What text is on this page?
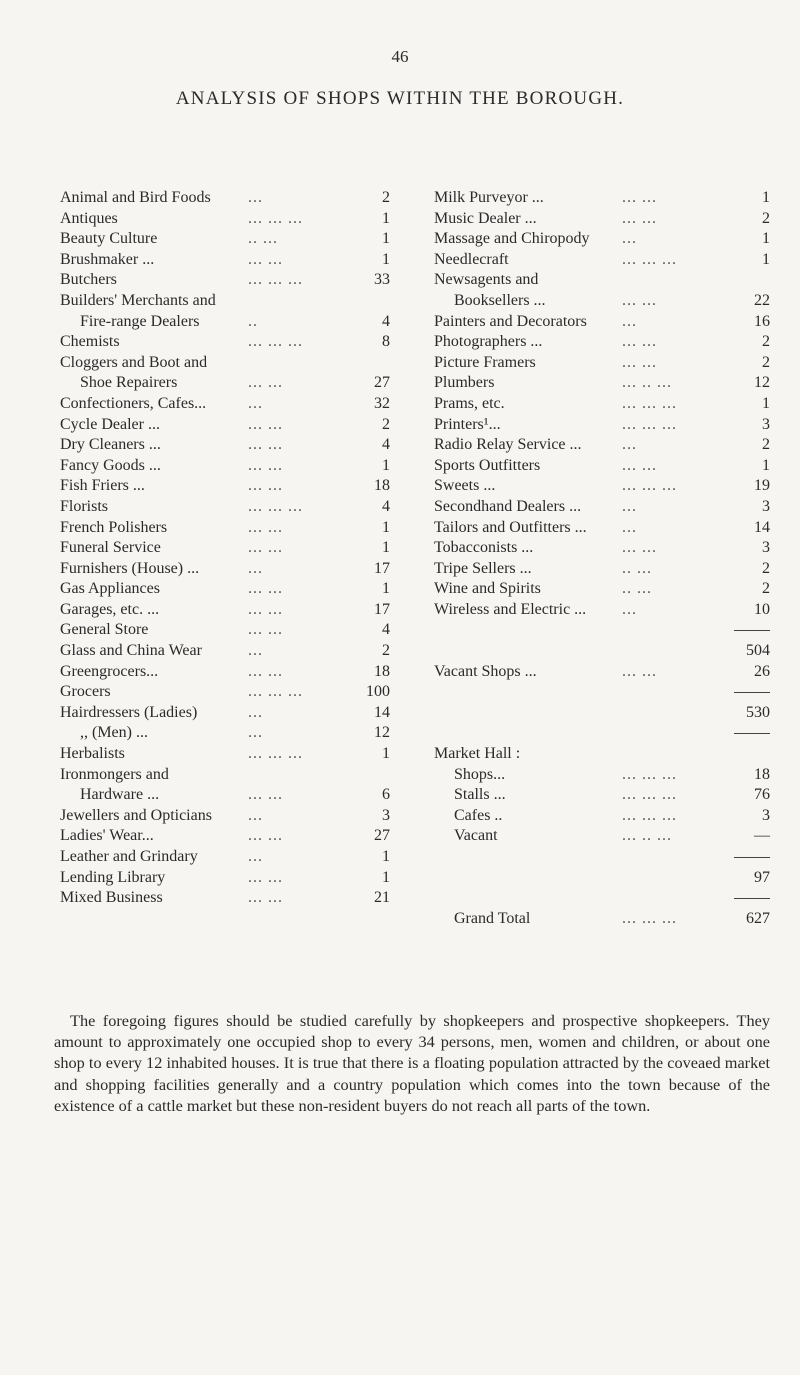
46
ANALYSIS OF SHOPS WITHIN THE BOROUGH.
Animal and Bird Foods ...	2
Antiques	... ... ...	1
Beauty Culture	.. ...	1
Brushmaker ...	... ...	1
Butchers	... ... ...	33
Builders' Merchants and
Fire-range Dealers	..	4
Chemists	... ... ...	8
Cloggers and Boot and
Shoe Repairers	... ...	27
Confectioners, Cafes...	...	32
Cycle Dealer ...	... ...	2
Dry Cleaners ...	... ...	4
Fancy Goods ...	... ...	1
Fish Friers ...	... ...	18
Florists	... ... ...	4
French Polishers	... ...	1
Funeral Service	... ...	1
Furnishers (House) ...	...	17
Gas Appliances	... ...	1
Garages, etc. ...	... ...	17
General Store	... ...	4
Glass and China Wear	...	2
Greengrocers...	... ...	18
Grocers	... ... ...	100
Hairdressers (Ladies)	...	14
,, (Men) ...	...	12
Herbalists	... ... ...	1
Ironmongers and
Hardware ...	... ...	6
Jewellers and Opticians ...	3
Ladies' Wear...	... ...	27
Leather and Grindary	...	1
Lending Library	... ...	1
Mixed Business	... ...	21
Milk Purveyor ...	... ...	1
Music Dealer ...	... ...	2
Massage and Chiropody ...	1
Needlecraft	... ... ...	1
Newsagents and
Booksellers ...	... ...	22
Painters and Decorators ...	16
Photographers ...	... ...	2
Picture Framers	... ...	2
Plumbers	... .. ...	12
Prams, etc.	... ... ...	1
Printers¹...	... ... ...	3
Radio Relay Service ...	...	2
Sports Outfitters	... ...	1
Sweets ...	... ... ...	19
Secondhand Dealers ...	...	3
Tailors and Outfitters ... ...	14
Tobacconists ...	... ...	3
Tripe Sellers ...	.. ...	2
Wine and Spirits	.. ...	2
Wireless and Electric ... ...	10
504
Vacant Shops ...	... ...	26
530
Market Hall :
Shops...	... ... ...	18
Stalls ...	... ... ...	76
Cafes ..	... ... ...	3
Vacant	... .. ...	—
97
Grand Total	... ... ...	627
The foregoing figures should be studied carefully by shopkeepers and prospective shopkeepers. They amount to approximately one occupied shop to every 34 persons, men, women and children, or about one shop to every 12 inhabited houses. It is true that there is a floating population attracted by the coveaed market and shopping facilities generally and a country population which comes into the town because of the existence of a cattle market but these non-resident buyers do not reach all parts of the town.
